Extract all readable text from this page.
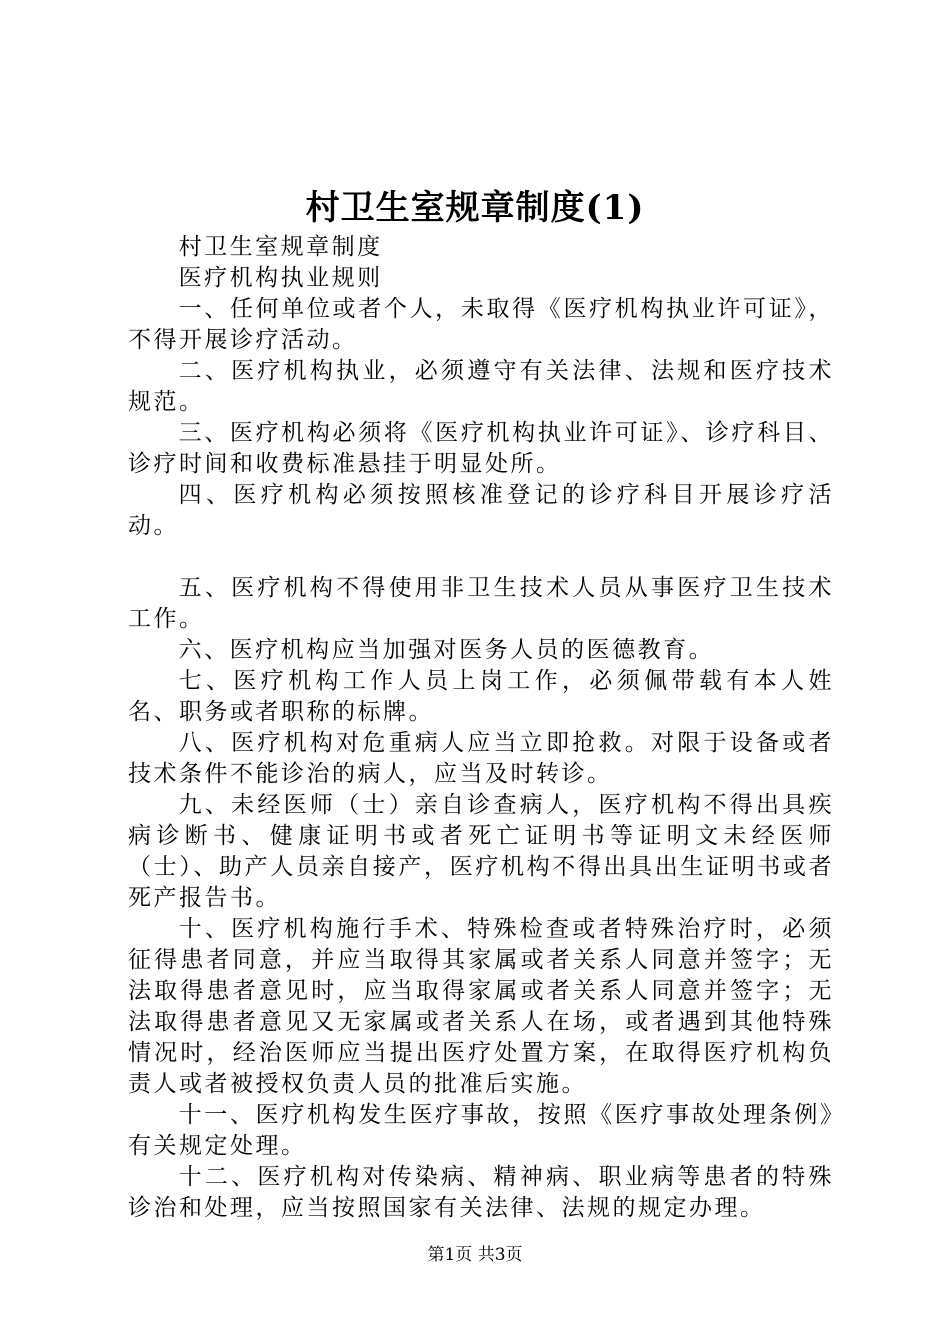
村卫生室规章制度(1)

村卫生室规章制度

医疗机构执业规则

一、任何单位或者个人，未取得《医疗机构执业许可证》，不得开展诊疗活动。

二、医疗机构执业，必须遵守有关法律、法规和医疗技术规范。

三、医疗机构必须将《医疗机构执业许可证》、诊疗科目、诊疗时间和收费标准悬挂于明显处所。

四、医疗机构必须按照核准登记的诊疗科目开展诊疗活动。

五、医疗机构不得使用非卫生技术人员从事医疗卫生技术工作。

六、医疗机构应当加强对医务人员的医德教育。

七、医疗机构工作人员上岗工作，必须佩带载有本人姓名、职务或者职称的标牌。

八、医疗机构对危重病人应当立即抢救。对限于设备或者技术条件不能诊治的病人，应当及时转诊。

九、未经医师（士）亲自诊查病人，医疗机构不得出具疾病诊断书、健康证明书或者死亡证明书等证明文未经医师（士）、助产人员亲自接产，医疗机构不得出具出生证明书或者死产报告书。

十、医疗机构施行手术、特殊检查或者特殊治疗时，必须征得患者同意，并应当取得其家属或者关系人同意并签字；无法取得患者意见时，应当取得家属或者关系人同意并签字；无法取得患者意见又无家属或者关系人在场，或者遇到其他特殊情况时，经治医师应当提出医疗处置方案，在取得医疗机构负责人或者被授权负责人员的批准后实施。

十一、医疗机构发生医疗事故，按照《医疗事故处理条例》有关规定处理。

十二、医疗机构对传染病、精神病、职业病等患者的特殊诊治和处理，应当按照国家有关法律、法规的规定办理。

第1页 共3页
